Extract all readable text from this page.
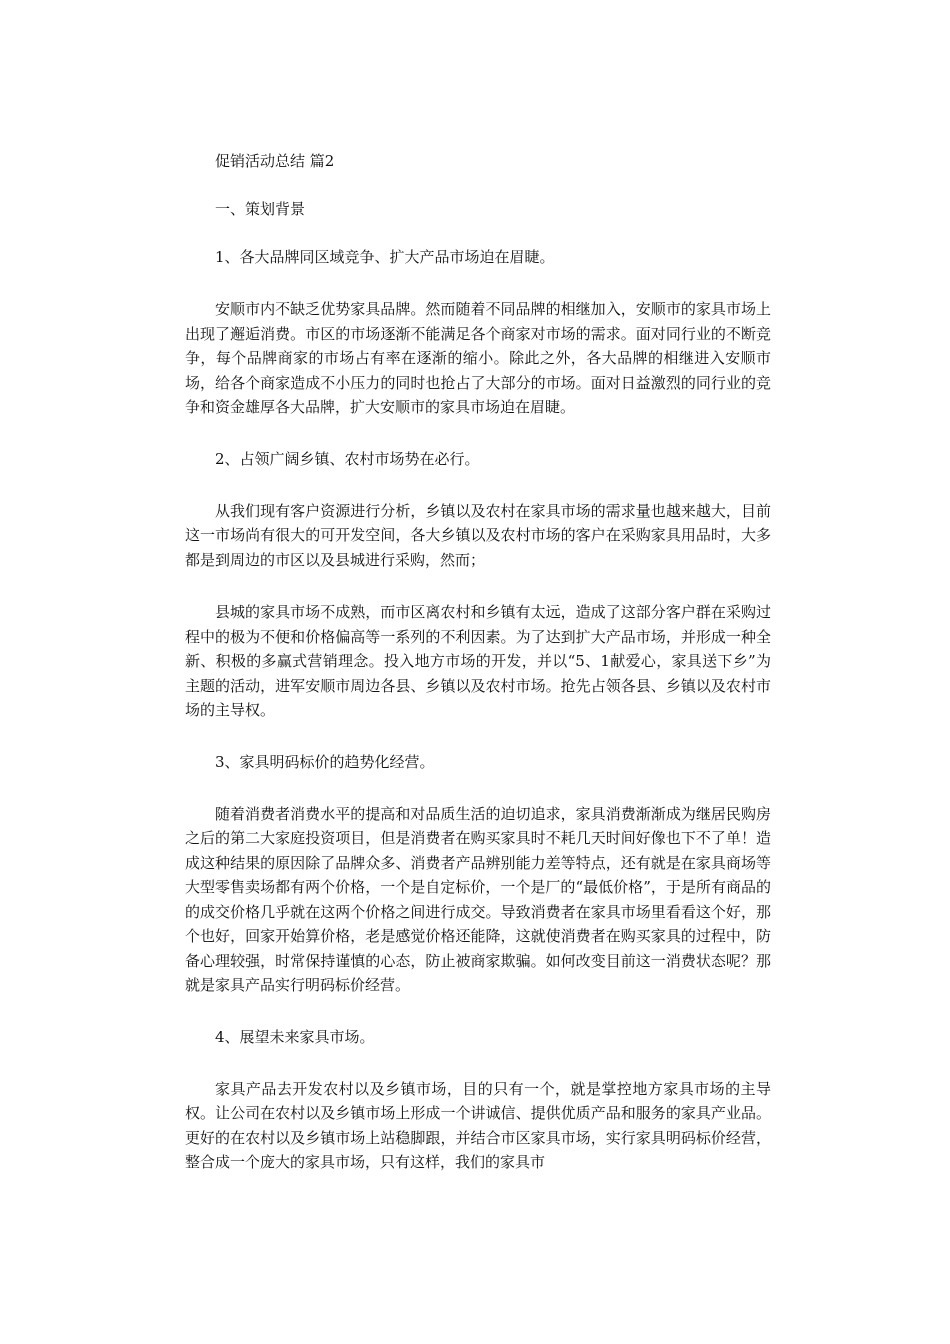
促销活动总结 篇2

一、策划背景

1、各大品牌同区域竞争、扩大产品市场迫在眉睫。

安顺市内不缺乏优势家具品牌。然而随着不同品牌的相继加入，安顺市的家具市场上出现了邂逅消费。市区的市场逐渐不能满足各个商家对市场的需求。面对同行业的不断竞争，每个品牌商家的市场占有率在逐渐的缩小。除此之外，各大品牌的相继进入安顺市场，给各个商家造成不小压力的同时也抢占了大部分的市场。面对日益激烈的同行业的竞争和资金雄厚各大品牌，扩大安顺市的家具市场迫在眉睫。

2、占领广阔乡镇、农村市场势在必行。

从我们现有客户资源进行分析，乡镇以及农村在家具市场的需求量也越来越大，目前这一市场尚有很大的可开发空间，各大乡镇以及农村市场的客户在采购家具用品时，大多都是到周边的市区以及县城进行采购，然而；

县城的家具市场不成熟，而市区离农村和乡镇有太远，造成了这部分客户群在采购过程中的极为不便和价格偏高等一系列的不利因素。为了达到扩大产品市场，并形成一种全新、积极的多赢式营销理念。投入地方市场的开发，并以“5、1献爱心，家具送下乡”为主题的活动，进军安顺市周边各县、乡镇以及农村市场。抢先占领各县、乡镇以及农村市场的主导权。

3、家具明码标价的趋势化经营。

随着消费者消费水平的提高和对品质生活的迫切追求，家具消费渐渐成为继居民购房之后的第二大家庭投资项目，但是消费者在购买家具时不耗几天时间好像也下不了单！造成这种结果的原因除了品牌众多、消费者产品辨别能力差等特点，还有就是在家具商场等大型零售卖场都有两个价格，一个是自定标价，一个是厂的“最低价格”，于是所有商品的的成交价格几乎就在这两个价格之间进行成交。导致消费者在家具市场里看看这个好，那个也好，回家开始算价格，老是感觉价格还能降，这就使消费者在购买家具的过程中，防备心理较强，时常保持谨慎的心态，防止被商家欺骗。如何改变目前这一消费状态呢？那就是家具产品实行明码标价经营。

4、展望未来家具市场。

家具产品去开发农村以及乡镇市场，目的只有一个，就是掌控地方家具市场的主导权。让公司在农村以及乡镇市场上形成一个讲诚信、提供优质产品和服务的家具产业品。更好的在农村以及乡镇市场上站稳脚跟，并结合市区家具市场，实行家具明码标价经营，整合成一个庞大的家具市场，只有这样，我们的家具市
